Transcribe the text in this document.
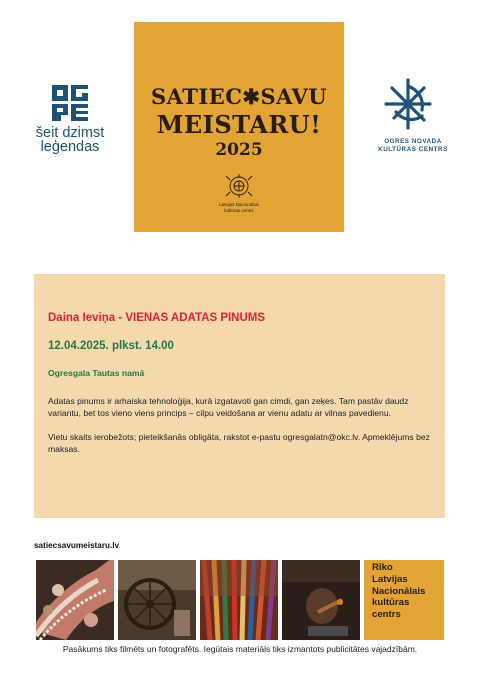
šeit dzimst
leģendas
SATIEC✱SAVU
MEISTARU!
2025
Latvijas Nacionālais
kultūras centrs
OGRES NOVADA
KULTŪRAS CENTRS
Daina Ieviņa - VIENAS ADATAS PINUMS
12.04.2025. plkst. 14.00
Ogresgala Tautas namā
Adatas pinums ir arhaiska tehnoloģija, kurā izgatavoti gan cimdi, gan zeķes. Tam pastāv daudz variantu, bet tos vieno viens princips – cilpu veidošana ar vienu adatu ar vilnas pavedienu.
Vietu skaits ierobežots; pieteikšanās obligāta, rakstot e-pastu ogresgalatn@okc.lv. Apmeklējums bez maksas.
satiecsavumeistaru.lv
Rīko
Latvijas
Nacionālais
kultūras
centrs
Pasākums tiks filmēts un fotografēts. Iegūtais materiāls tiks izmantots publicitātes vajadzībām.
